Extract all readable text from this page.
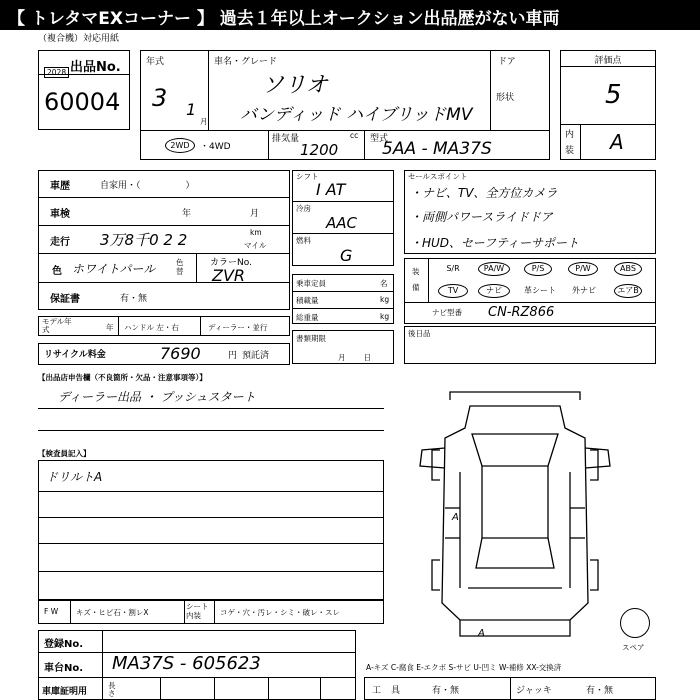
【 トレタマEXコーナー 】 過去１年以上オークション出品歴がない車両
（複合機）対応用紙
出品No.
2028
60004
年式
3 1
月
車名・グレード
ソリオ
バンディッド ハイブリッドMV
ドア
形状
2WD	・4WD
排気量	cc
1200
型式
5AA - MA37S
評価点
5
内
装 A
車歴	自家用・（　　　　　）
車検	年	月
走行 3万8千0 2 2	km
マイル
色 ホワイトパール	色替
カラーNo.
ZVR
保証書	有・無
モデル年式	年 ハンドル 左・右	ディーラー・並行
リサイクル料金	7690	円 預託済
シフト
I AT
冷房
AAC
燃料
G
乗車定員	名
積載量	kg
総重量	kg
書類期限
月日
セールスポイント
・ナビ、TV、全方位カメラ
・両側パワースライドドア
・HUD、セーフティーサポート
装
備
S/R	PA/W	P/S	P/W	ABS
TV	ナビ	革シート	外ナビ	エアB
ナビ型番 CN-RZ866
後日品
【出品店申告欄（不良箇所・欠品・注意事項等）】
ディーラー出品 ・ プッシュスタート
【検査員記入】
ドリルトA
F W キズ・ヒビ石・割レX
シート内装	コゲ・穴・汚レ・シミ・破レ・スレ
登録No.
車台No. MA37S - 605623
車庫証明用
長さ
A
A
スペア
A-キズ C-腐食 E-エクボ S-サビ U-凹ミ W-補修 XX-交換済
工具 有・無	ジャッキ	有・無
